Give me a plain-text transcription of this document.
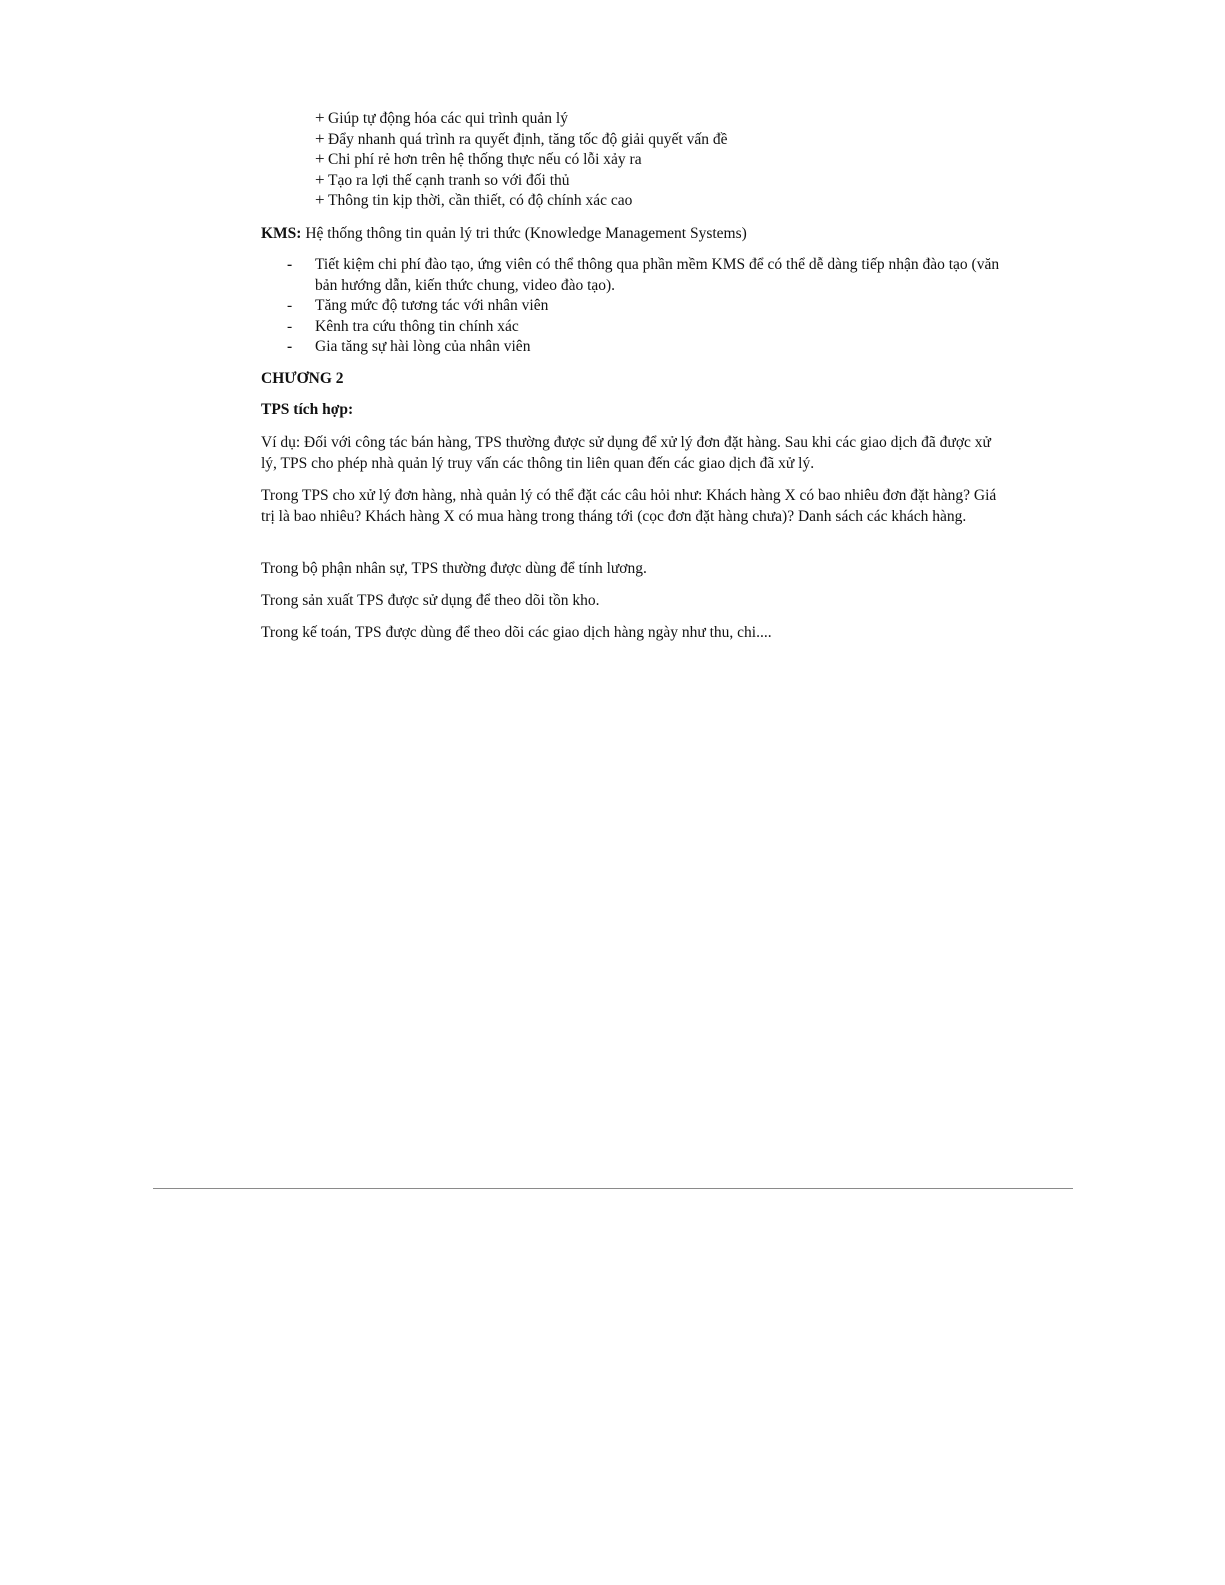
+ Giúp tự động hóa các qui trình quản lý
+ Đẩy nhanh quá trình ra quyết định, tăng tốc độ giải quyết vấn đề
+ Chi phí rẻ hơn trên hệ thống thực nếu có lỗi xảy ra
+ Tạo ra lợi thế cạnh tranh so với đối thủ
+ Thông tin kịp thời, cần thiết, có độ chính xác cao
KMS: Hệ thống thông tin quản lý tri thức (Knowledge Management Systems)
-	Tiết kiệm chi phí đào tạo, ứng viên có thể thông qua phần mềm KMS để có thể dễ dàng tiếp nhận đào tạo (văn bản hướng dẫn, kiến thức chung, video đào tạo).
-	Tăng mức độ tương tác với nhân viên
-	Kênh tra cứu thông tin chính xác
-	Gia tăng sự hài lòng của nhân viên
CHƯƠNG 2
TPS tích hợp:
Ví dụ: Đối với công tác bán hàng, TPS thường được sử dụng để xử lý đơn đặt hàng. Sau khi các giao dịch đã được xử lý, TPS cho phép nhà quản lý truy vấn các thông tin liên quan đến các giao dịch đã xử lý.
Trong TPS cho xử lý đơn hàng, nhà quản lý có thể đặt các câu hỏi như: Khách hàng X có bao nhiêu đơn đặt hàng? Giá trị là bao nhiêu? Khách hàng X có mua hàng trong tháng tới (cọc đơn đặt hàng chưa)? Danh sách các khách hàng.
Trong bộ phận nhân sự, TPS thường được dùng để tính lương.
Trong sản xuất TPS được sử dụng để theo dõi tồn kho.
Trong kế toán, TPS được dùng để theo dõi các giao dịch hàng ngày như thu, chi....
